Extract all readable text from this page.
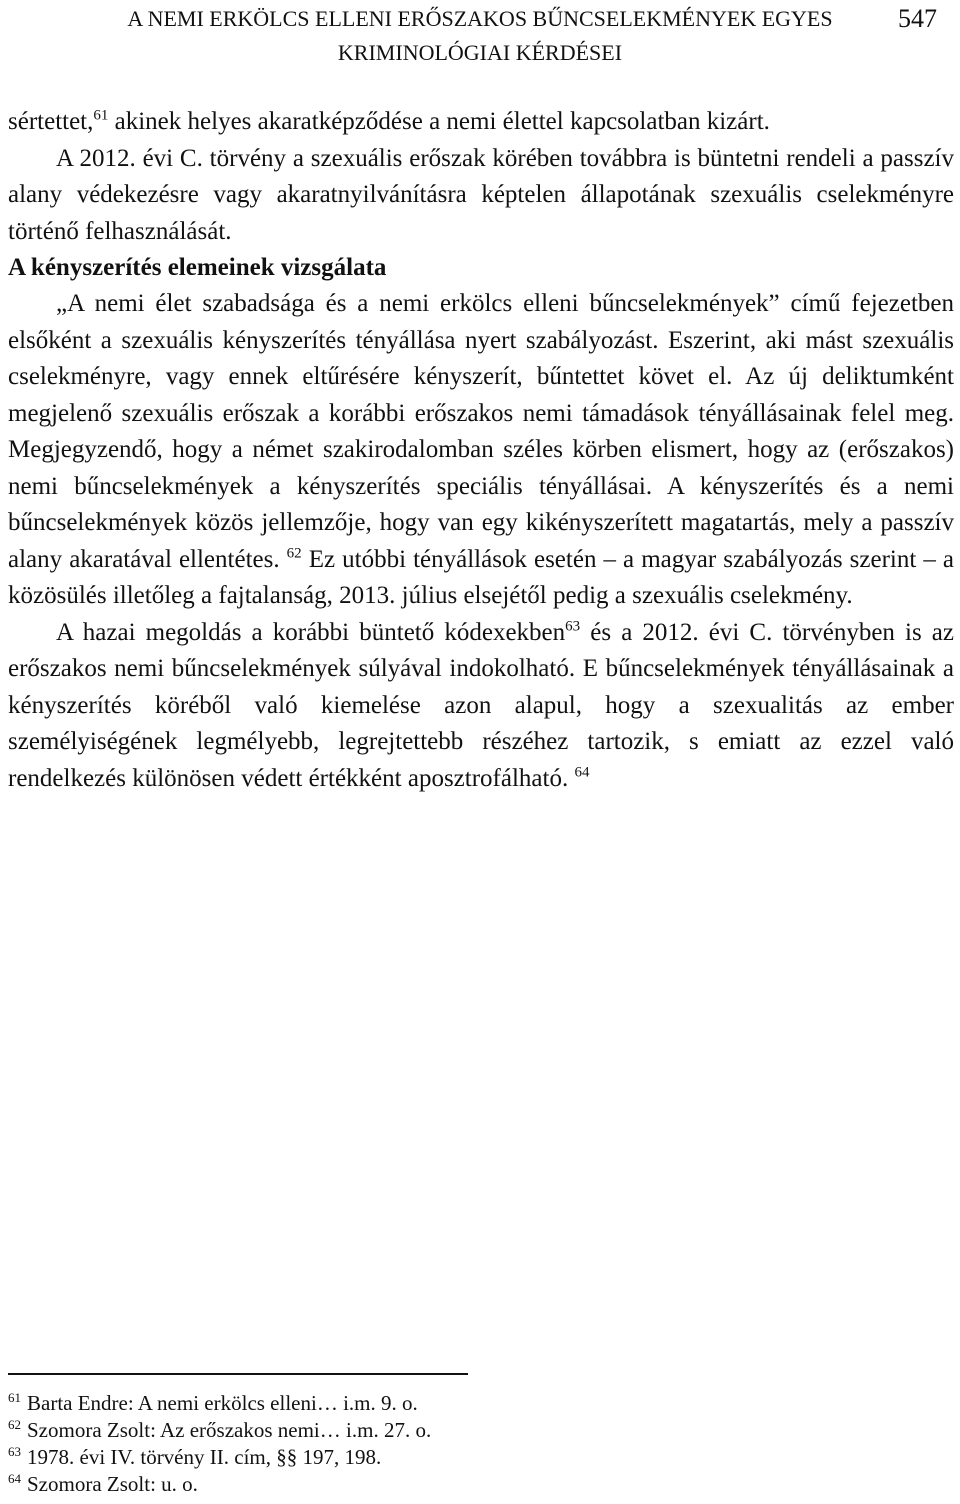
A NEMI ERKÖLCS ELLENI ERŐSZAKOS BŰNCSELEKMÉNYEK EGYES
KRIMINOLÓGIAI KÉRDÉSEI
547

sértettet,$^{61}$ akinek helyes akaratképződése a nemi élettel kapcsolatban kizárt.

A 2012. évi C. törvény a szexuális erőszak körében továbbra is büntetni rendeli a passzív alany védekezésre vagy akaratnyilvánításra képtelen állapotának szexuális cselekményre történő felhasználását.

A kényszerítés elemeinek vizsgálata

„A nemi élet szabadsága és a nemi erkölcs elleni bűncselekmények” című fejezetben elsőként a szexuális kényszerítés tényállása nyert szabályozást. Eszerint, aki mást szexuális cselekményre, vagy ennek eltűrésére kényszerít, bűntettet követ el. Az új deliktumként megjelenő szexuális erőszak a korábbi erőszakos nemi támadások tényállásainak felel meg. Megjegyzendő, hogy a német szakirodalomban széles körben elismert, hogy az (erőszakos) nemi bűncselekmények a kényszerítés speciális tényállásai. A kényszerítés és a nemi bűncselekmények közös jellemzője, hogy van egy kikényszerített magatartás, mely a passzív alany akaratával ellentétes. $^{62}$ Ez utóbbi tényállások esetén – a magyar szabályozás szerint – a közösülés illetőleg a fajtalanság, 2013. július elsejétől pedig a szexuális cselekmény.

A hazai megoldás a korábbi büntető kódexekben$^{63}$ és a 2012. évi C. törvényben is az erőszakos nemi bűncselekmények súlyával indokolható. E bűncselekmények tényállásainak a kényszerítés köréből való kiemelése azon alapul, hogy a szexualitás az ember személyiségének legmélyebb, legrejtettebb részéhez tartozik, s emiatt az ezzel való rendelkezés különösen védett értékként aposztrofálható. $^{64}$

$^{61}$ Barta Endre: A nemi erkölcs elleni… i.m. 9. o.
$^{62}$ Szomora Zsolt: Az erőszakos nemi… i.m. 27. o.
$^{63}$ 1978. évi IV. törvény II. cím, §§ 197, 198.
$^{64}$ Szomora Zsolt: u. o.
